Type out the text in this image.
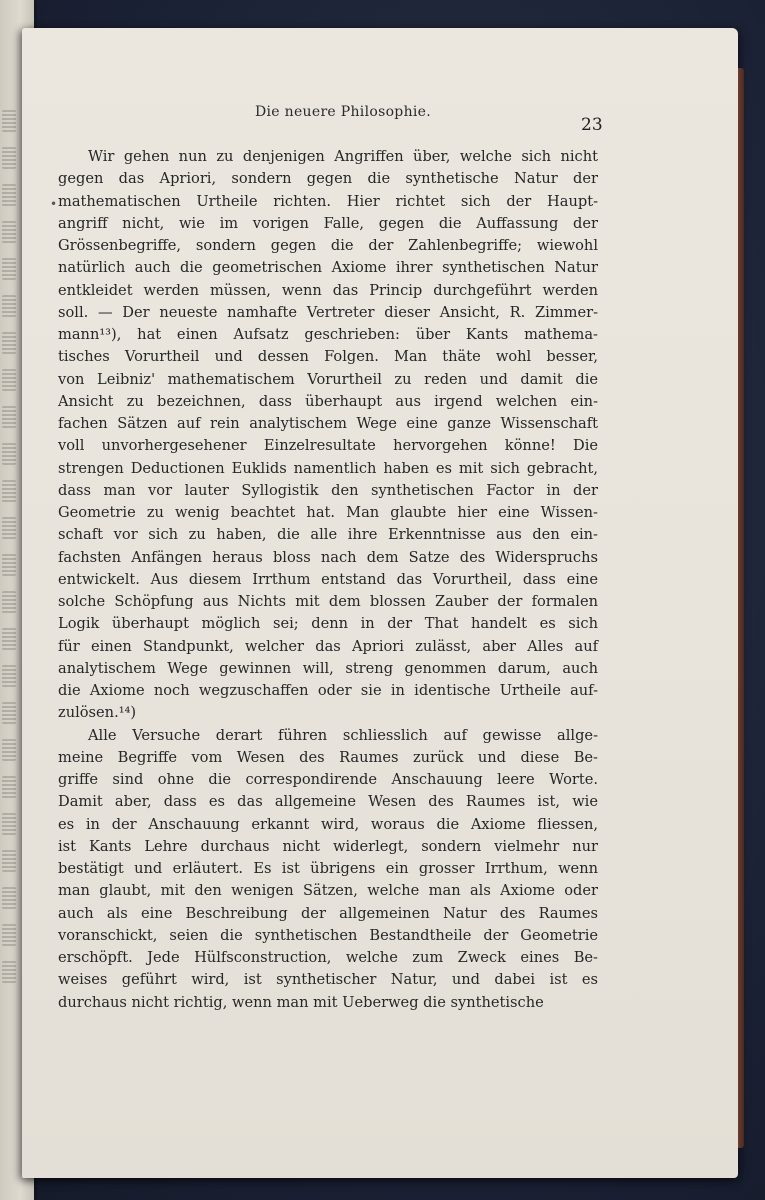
Die neuere Philosophie.
23
•
Wir gehen nun zu denjenigen Angriffen über, welche sich nicht
gegen das Apriori, sondern gegen die synthetische Natur der
mathematischen Urtheile richten. Hier richtet sich der Haupt-
angriff nicht, wie im vorigen Falle, gegen die Auffassung der
Grössenbegriffe, sondern gegen die der Zahlenbegriffe; wiewohl
natürlich auch die geometrischen Axiome ihrer synthetischen Natur
entkleidet werden müssen, wenn das Princip durchgeführt werden
soll. — Der neueste namhafte Vertreter dieser Ansicht, R. Zimmer-
mann¹³), hat einen Aufsatz geschrieben: über Kants mathema-
tisches Vorurtheil und dessen Folgen. Man thäte wohl besser,
von Leibniz' mathematischem Vorurtheil zu reden und damit die
Ansicht zu bezeichnen, dass überhaupt aus irgend welchen ein-
fachen Sätzen auf rein analytischem Wege eine ganze Wissenschaft
voll unvorhergesehener Einzelresultate hervorgehen könne! Die
strengen Deductionen Euklids namentlich haben es mit sich gebracht,
dass man vor lauter Syllogistik den synthetischen Factor in der
Geometrie zu wenig beachtet hat. Man glaubte hier eine Wissen-
schaft vor sich zu haben, die alle ihre Erkenntnisse aus den ein-
fachsten Anfängen heraus bloss nach dem Satze des Widerspruchs
entwickelt. Aus diesem Irrthum entstand das Vorurtheil, dass eine
solche Schöpfung aus Nichts mit dem blossen Zauber der formalen
Logik überhaupt möglich sei; denn in der That handelt es sich
für einen Standpunkt, welcher das Apriori zulässt, aber Alles auf
analytischem Wege gewinnen will, streng genommen darum, auch
die Axiome noch wegzuschaffen oder sie in identische Urtheile auf-
zulösen.¹⁴)
Alle Versuche derart führen schliesslich auf gewisse allge-
meine Begriffe vom Wesen des Raumes zurück und diese Be-
griffe sind ohne die correspondirende Anschauung leere Worte.
Damit aber, dass es das allgemeine Wesen des Raumes ist, wie
es in der Anschauung erkannt wird, woraus die Axiome fliessen,
ist Kants Lehre durchaus nicht widerlegt, sondern vielmehr nur
bestätigt und erläutert. Es ist übrigens ein grosser Irrthum, wenn
man glaubt, mit den wenigen Sätzen, welche man als Axiome oder
auch als eine Beschreibung der allgemeinen Natur des Raumes
voranschickt, seien die synthetischen Bestandtheile der Geometrie
erschöpft. Jede Hülfsconstruction, welche zum Zweck eines Be-
weises geführt wird, ist synthetischer Natur, und dabei ist es
durchaus nicht richtig, wenn man mit Ueberweg die synthetische
